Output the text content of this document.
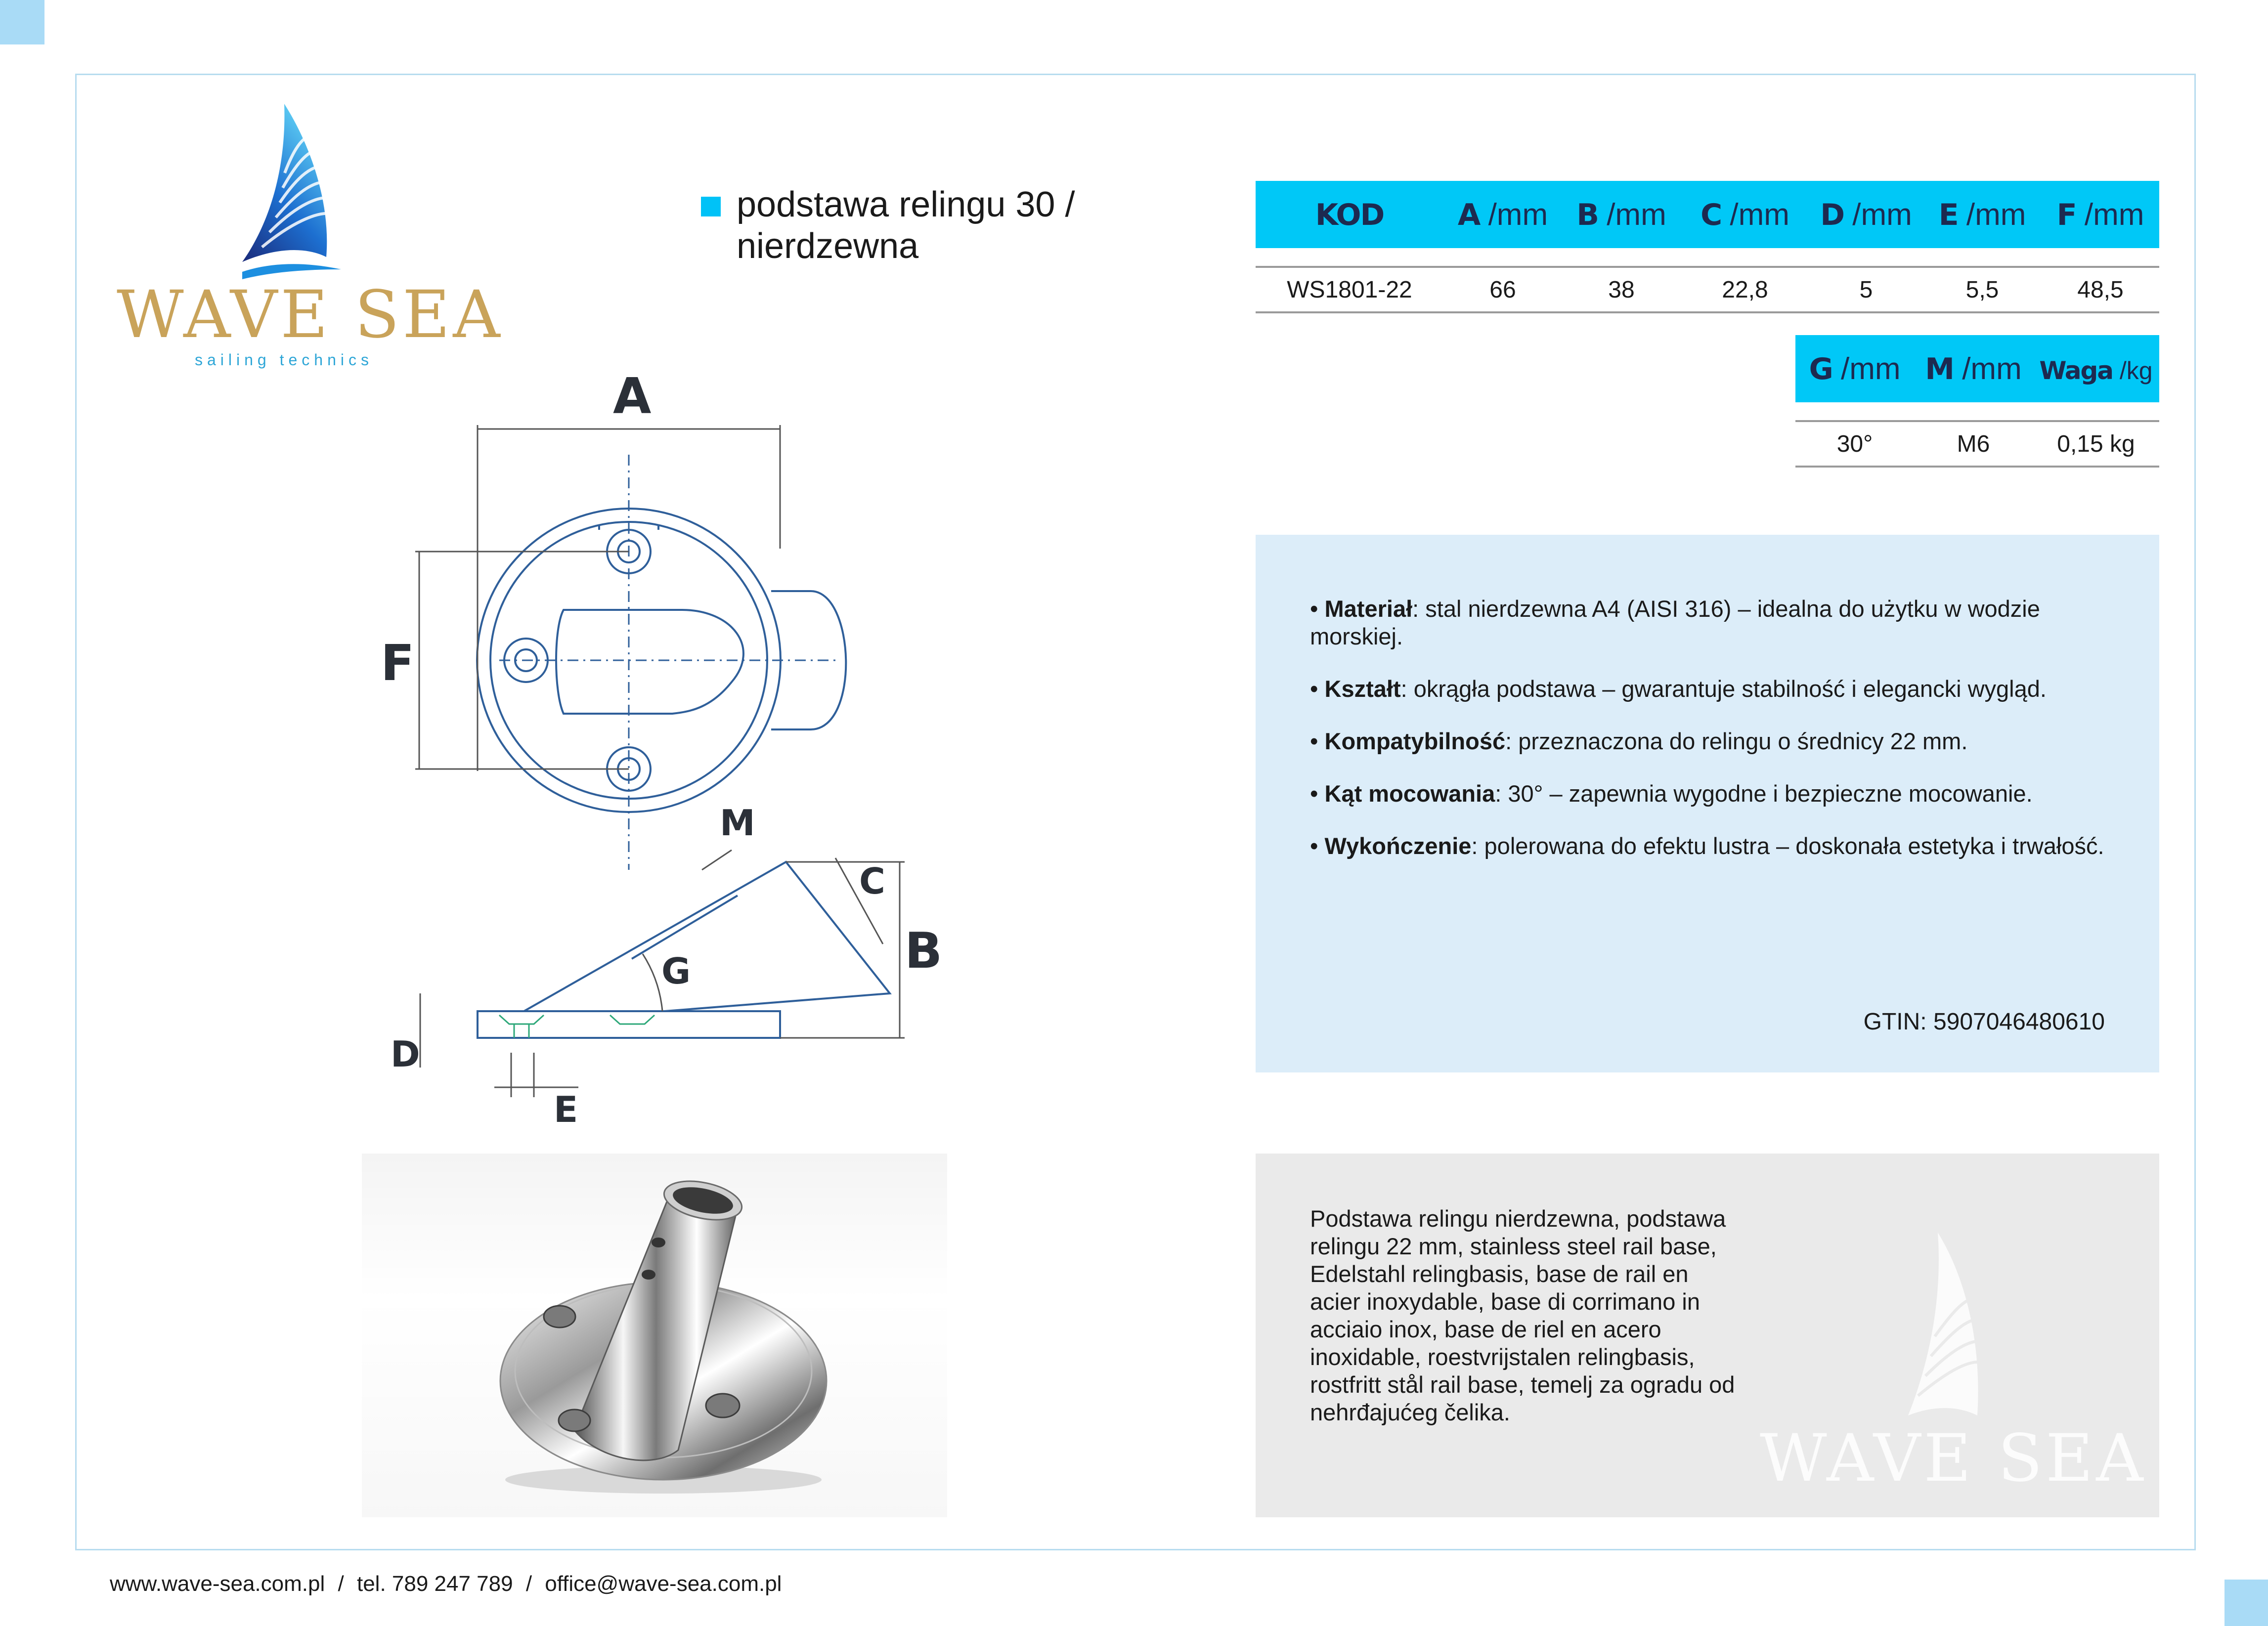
WAVE SEA
sailing technics
podstawa relingu 30 / nierdzewna
KOD	A /mm	B /mm	C /mm	D /mm	E /mm	F /mm

WS1801-22	66	38	22,8	5	5,5	48,5
G /mm	M /mm	Waga /kg

30°	M6	0,15 kg
A
F
M
C
B
G
D
E
• Materiał: stal nierdzewna A4 (AISI 316) – idealna do użytku w wodzie morskiej.
• Kształt: okrągła podstawa – gwarantuje stabilność i elegancki wygląd.
• Kompatybilność: przeznaczona do relingu o średnicy 22 mm.
• Kąt mocowania: 30° – zapewnia wygodne i bezpieczne mocowanie.
• Wykończenie: polerowana do efektu lustra – doskonała estetyka i trwałość.
GTIN: 5907046480610

Podstawa relingu nierdzewna, podstawa relingu 22 mm, stainless steel rail base, Edelstahl relingbasis, base de rail en acier inoxydable, base di corrimano in acciaio inox, base de riel en acero inoxidable, roestvrijstalen relingbasis, rostfritt stål rail base, temelj za ogradu od nehrđajućeg čelika.

WAVE SEA
www.wave-sea.com.pl / tel. 789 247 789 / office@wave-sea.com.pl
